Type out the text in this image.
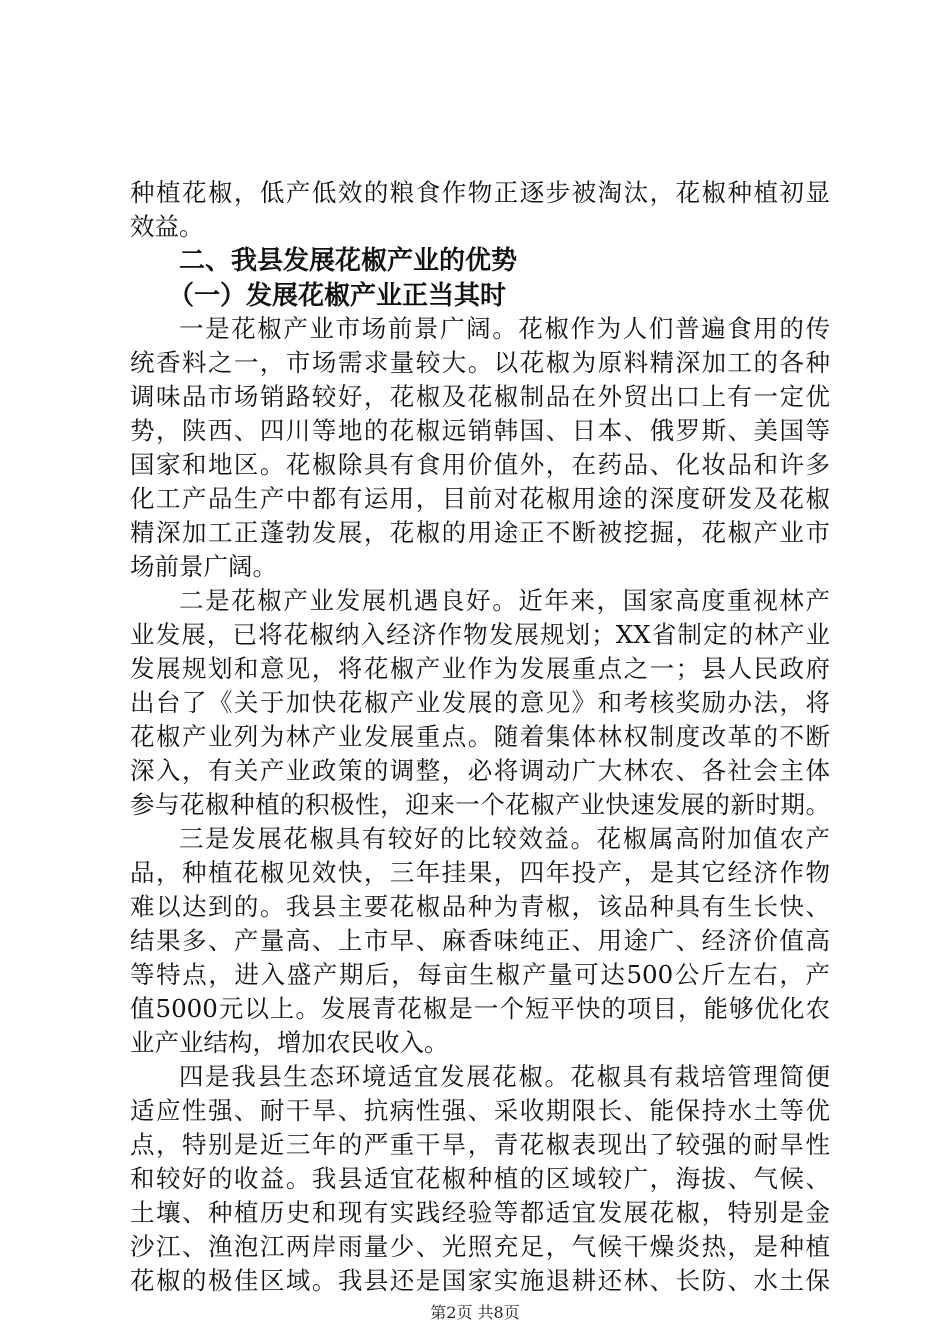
种植花椒，低产低效的粮食作物正逐步被淘汰，花椒种植初显
效益。
二、我县发展花椒产业的优势
（一）发展花椒产业正当其时
一是花椒产业市场前景广阔。花椒作为人们普遍食用的传
统香料之一，市场需求量较大。以花椒为原料精深加工的各种
调味品市场销路较好，花椒及花椒制品在外贸出口上有一定优
势，陕西、四川等地的花椒远销韩国、日本、俄罗斯、美国等
国家和地区。花椒除具有食用价值外，在药品、化妆品和许多
化工产品生产中都有运用，目前对花椒用途的深度研发及花椒
精深加工正蓬勃发展，花椒的用途正不断被挖掘，花椒产业市
场前景广阔。
二是花椒产业发展机遇良好。近年来，国家高度重视林产
业发展，已将花椒纳入经济作物发展规划；XX省制定的林产业
发展规划和意见，将花椒产业作为发展重点之一；县人民政府
出台了《关于加快花椒产业发展的意见》和考核奖励办法，将
花椒产业列为林产业发展重点。随着集体林权制度改革的不断
深入，有关产业政策的调整，必将调动广大林农、各社会主体
参与花椒种植的积极性，迎来一个花椒产业快速发展的新时期。
三是发展花椒具有较好的比较效益。花椒属高附加值农产
品，种植花椒见效快，三年挂果，四年投产，是其它经济作物
难以达到的。我县主要花椒品种为青椒，该品种具有生长快、
结果多、产量高、上市早、麻香味纯正、用途广、经济价值高
等特点，进入盛产期后，每亩生椒产量可达500公斤左右，产
值5000元以上。发展青花椒是一个短平快的项目，能够优化农
业产业结构，增加农民收入。
四是我县生态环境适宜发展花椒。花椒具有栽培管理简便
适应性强、耐干旱、抗病性强、采收期限长、能保持水土等优
点，特别是近三年的严重干旱，青花椒表现出了较强的耐旱性
和较好的收益。我县适宜花椒种植的区域较广，海拔、气候、
土壤、种植历史和现有实践经验等都适宜发展花椒，特别是金
沙江、渔泡江两岸雨量少、光照充足，气候干燥炎热，是种植
花椒的极佳区域。我县还是国家实施退耕还林、长防、水土保
第2页 共8页
